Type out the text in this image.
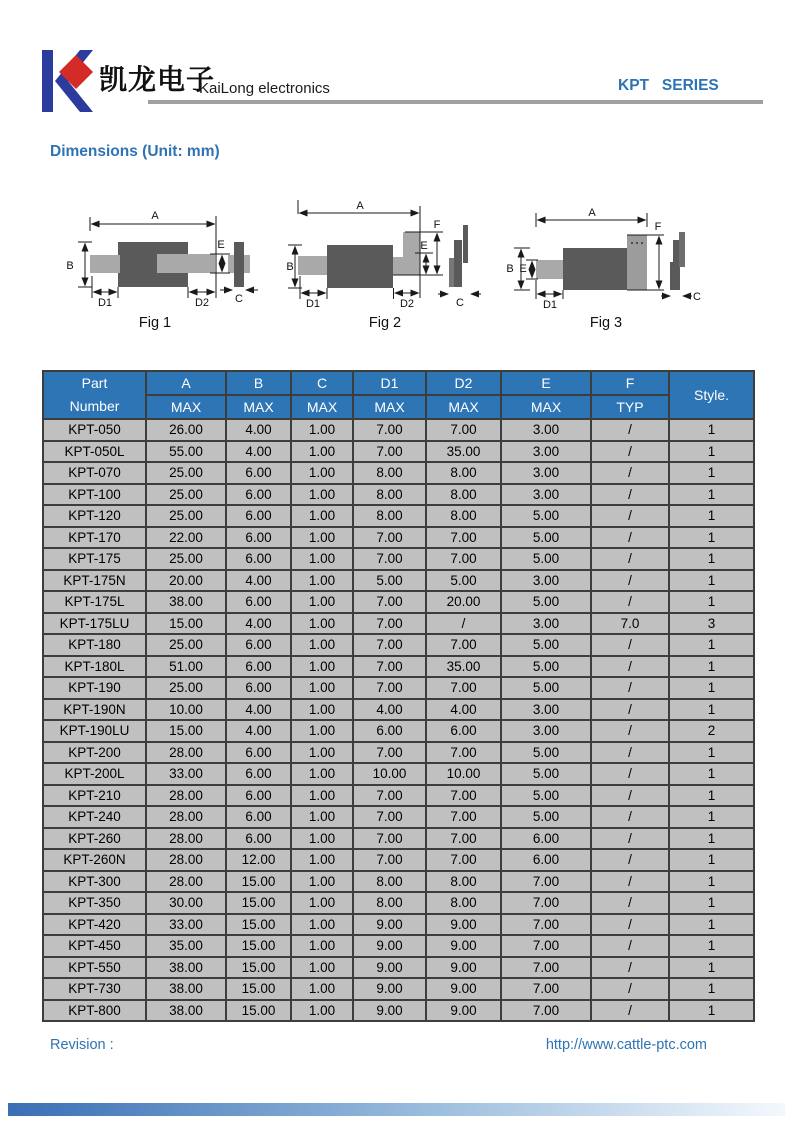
凯龙电子
KaiLong electronics	KPT   SERIES
Dimensions (Unit: mm)
A
B
E
D1	D2 C
Fig 1
A
B
E
F
D1	D2	C
Fig 2
A
B E
D1
F
C
Fig 3
Part
Number	A	B	C	D1	D2	E	F	Style.
	MAX	MAX	MAX	MAX	MAX	MAX	TYP	
KPT-050	26.00	4.00	1.00	7.00	7.00	3.00	/	1
KPT-050L	55.00	4.00	1.00	7.00	35.00	3.00	/	1
KPT-070	25.00	6.00	1.00	8.00	8.00	3.00	/	1
KPT-100	25.00	6.00	1.00	8.00	8.00	3.00	/	1
KPT-120	25.00	6.00	1.00	8.00	8.00	5.00	/	1
KPT-170	22.00	6.00	1.00	7.00	7.00	5.00	/	1
KPT-175	25.00	6.00	1.00	7.00	7.00	5.00	/	1
KPT-175N	20.00	4.00	1.00	5.00	5.00	3.00	/	1
KPT-175L	38.00	6.00	1.00	7.00	20.00	5.00	/	1
KPT-175LU	15.00	4.00	1.00	7.00	/	3.00	7.0	3
KPT-180	25.00	6.00	1.00	7.00	7.00	5.00	/	1
KPT-180L	51.00	6.00	1.00	7.00	35.00	5.00	/	1
KPT-190	25.00	6.00	1.00	7.00	7.00	5.00	/	1
KPT-190N	10.00	4.00	1.00	4.00	4.00	3.00	/	1
KPT-190LU	15.00	4.00	1.00	6.00	6.00	3.00	/	2
KPT-200	28.00	6.00	1.00	7.00	7.00	5.00	/	1
KPT-200L	33.00	6.00	1.00	10.00	10.00	5.00	/	1
KPT-210	28.00	6.00	1.00	7.00	7.00	5.00	/	1
KPT-240	28.00	6.00	1.00	7.00	7.00	5.00	/	1
KPT-260	28.00	6.00	1.00	7.00	7.00	6.00	/	1
KPT-260N	28.00	12.00	1.00	7.00	7.00	6.00	/	1
KPT-300	28.00	15.00	1.00	8.00	8.00	7.00	/	1
KPT-350	30.00	15.00	1.00	8.00	8.00	7.00	/	1
KPT-420	33.00	15.00	1.00	9.00	9.00	7.00	/	1
KPT-450	35.00	15.00	1.00	9.00	9.00	7.00	/	1
KPT-550	38.00	15.00	1.00	9.00	9.00	7.00	/	1
KPT-730	38.00	15.00	1.00	9.00	9.00	7.00	/	1
KPT-800	38.00	15.00	1.00	9.00	9.00	7.00	/	1
Revision :	http://www.cattle-ptc.com
